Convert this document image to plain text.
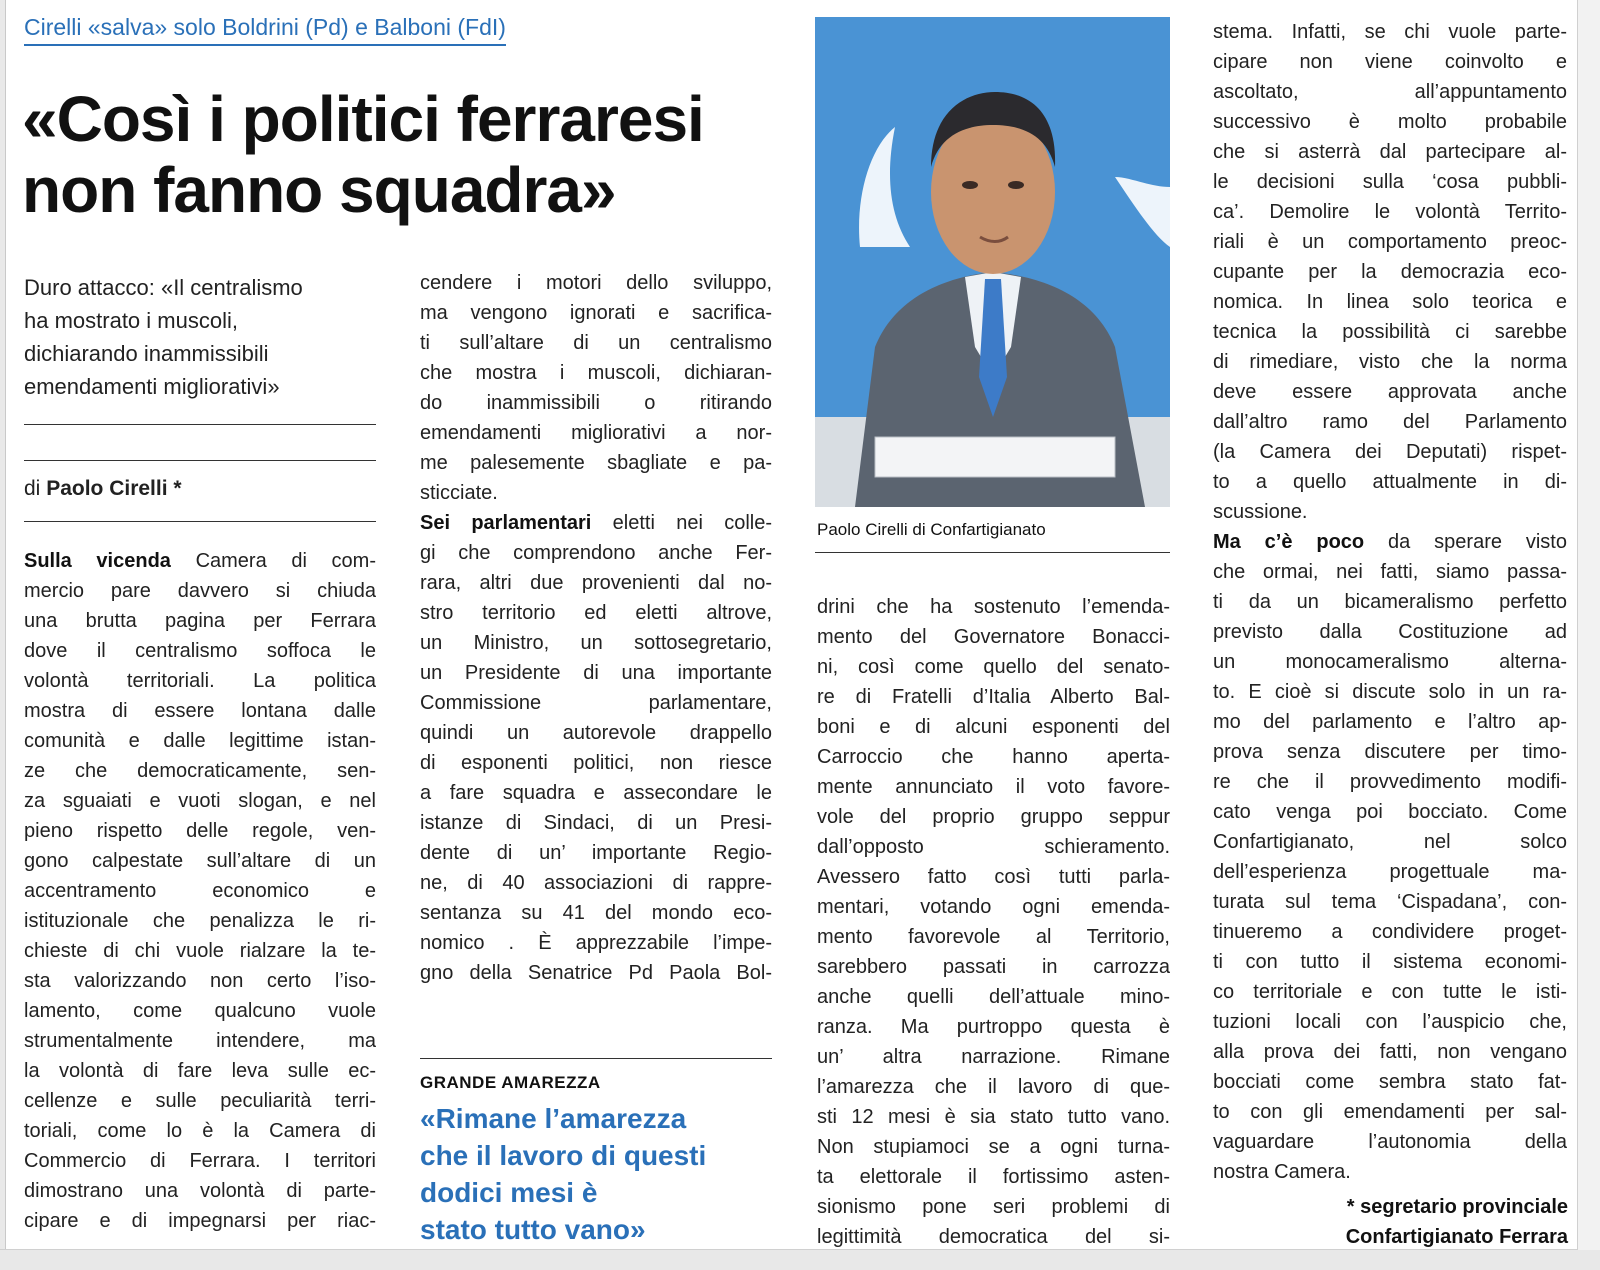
Cirelli «salva» solo Boldrini (Pd) e Balboni (FdI)
«Così i politici ferraresi
non fanno squadra»
Duro attacco: «Il centralismo
ha mostrato i muscoli,
dichiarando inammissibili
emendamenti migliorativi»
di Paolo Cirelli *
Sulla vicenda Camera di com-
mercio pare davvero si chiuda
una brutta pagina per Ferrara
dove il centralismo soffoca le
volontà territoriali. La politica
mostra di essere lontana dalle
comunità e dalle legittime istan-
ze che democraticamente, sen-
za sguaiati e vuoti slogan, e nel
pieno rispetto delle regole, ven-
gono calpestate sull’altare di un
accentramento economico e
istituzionale che penalizza le ri-
chieste di chi vuole rialzare la te-
sta valorizzando non certo l’iso-
lamento, come qualcuno vuole
strumentalmente intendere, ma
la volontà di fare leva sulle ec-
cellenze e sulle peculiarità terri-
toriali, come lo è la Camera di
Commercio di Ferrara. I territori
dimostrano una volontà di parte-
cipare e di impegnarsi per riac-
cendere i motori dello sviluppo,
ma vengono ignorati e sacrifica-
ti sull’altare di un centralismo
che mostra i muscoli, dichiaran-
do inammissibili o ritirando
emendamenti migliorativi a nor-
me palesemente sbagliate e pa-
sticciate.
Sei parlamentari eletti nei colle-
gi che comprendono anche Fer-
rara, altri due provenienti dal no-
stro territorio ed eletti altrove,
un Ministro, un sottosegretario,
un Presidente di una importante
Commissione parlamentare,
quindi un autorevole drappello
di esponenti politici, non riesce
a fare squadra e assecondare le
istanze di Sindaci, di un Presi-
dente di un’ importante Regio-
ne, di 40 associazioni di rappre-
sentanza su 41 del mondo eco-
nomico . È apprezzabile l’impe-
gno della Senatrice Pd Paola Bol-
GRANDE AMAREZZA
«Rimane l’amarezza
che il lavoro di questi
dodici mesi è
stato tutto vano»
Paolo Cirelli di Confartigianato
drini che ha sostenuto l’emenda-
mento del Governatore Bonacci-
ni, così come quello del senato-
re di Fratelli d’Italia Alberto Bal-
boni e di alcuni esponenti del
Carroccio che hanno aperta-
mente annunciato il voto favore-
vole del proprio gruppo seppur
dall’opposto schieramento.
Avessero fatto così tutti parla-
mentari, votando ogni emenda-
mento favorevole al Territorio,
sarebbero passati in carrozza
anche quelli dell’attuale mino-
ranza. Ma purtroppo questa è
un’ altra narrazione. Rimane
l’amarezza che il lavoro di que-
sti 12 mesi è sia stato tutto vano.
Non stupiamoci se a ogni turna-
ta elettorale il fortissimo asten-
sionismo pone seri problemi di
legittimità democratica del si-
stema. Infatti, se chi vuole parte-
cipare non viene coinvolto e
ascoltato, all’appuntamento
successivo è molto probabile
che si asterrà dal partecipare al-
le decisioni sulla ‘cosa pubbli-
ca’. Demolire le volontà Territo-
riali è un comportamento preoc-
cupante per la democrazia eco-
nomica. In linea solo teorica e
tecnica la possibilità ci sarebbe
di rimediare, visto che la norma
deve essere approvata anche
dall’altro ramo del Parlamento
(la Camera dei Deputati) rispet-
to a quello attualmente in di-
scussione.
Ma c’è poco da sperare visto
che ormai, nei fatti, siamo passa-
ti da un bicameralismo perfetto
previsto dalla Costituzione ad
un monocameralismo alterna-
to. E cioè si discute solo in un ra-
mo del parlamento e l’altro ap-
prova senza discutere per timo-
re che il provvedimento modifi-
cato venga poi bocciato. Come
Confartigianato, nel solco
dell’esperienza progettuale ma-
turata sul tema ‘Cispadana’, con-
tinueremo a condividere proget-
ti con tutto il sistema economi-
co territoriale e con tutte le isti-
tuzioni locali con l’auspicio che,
alla prova dei fatti, non vengano
bocciati come sembra stato fat-
to con gli emendamenti per sal-
vaguardare l’autonomia della
nostra Camera.
* segretario provinciale
Confartigianato Ferrara
